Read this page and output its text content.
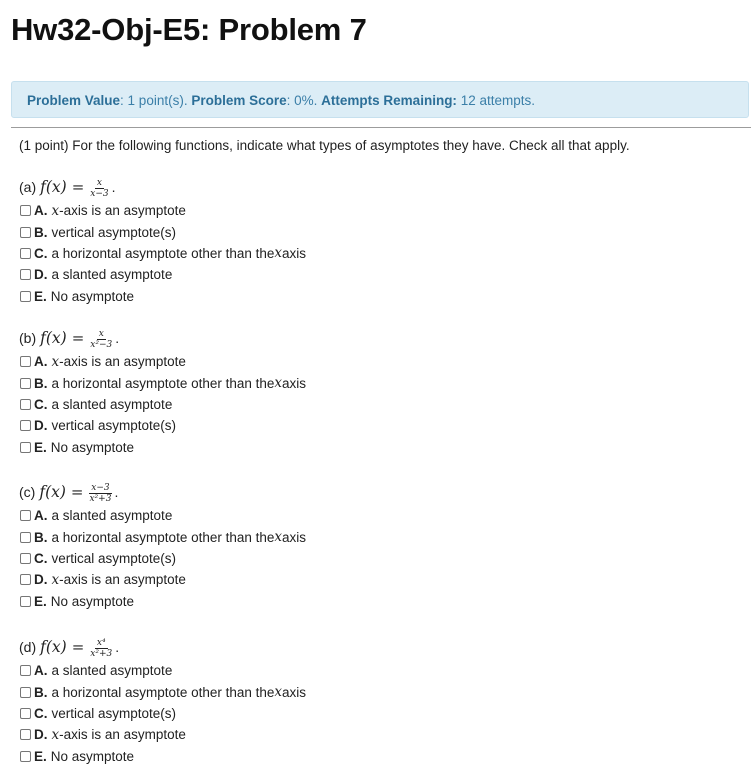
Hw32-Obj-E5: Problem 7
Problem Value: 1 point(s). Problem Score: 0%. Attempts Remaining: 12 attempts.
(1 point) For the following functions, indicate what types of asymptotes they have. Check all that apply.
(a) $f(x) = \frac{x}{x-3}$ .
A. x -axis is an asymptote
B. vertical asymptote(s)
C. a horizontal asymptote other than the x axis
D. a slanted asymptote
E. No asymptote
(b) $f(x) = \frac{x}{\text{x²−3}}$ .
A. x -axis is an asymptote
B. a horizontal asymptote other than the x axis
C. a slanted asymptote
D. vertical asymptote(s)
E. No asymptote
(c) $f(x) = \frac{x-3}{\text{x²+3}}$ .
A. a slanted asymptote
B. a horizontal asymptote other than the x axis
C. vertical asymptote(s)
D. x -axis is an asymptote
E. No asymptote
(d) $f(x) = \frac{\text{x⁴}}{\text{x²+3}}$ .
A. a slanted asymptote
B. a horizontal asymptote other than the x axis
C. vertical asymptote(s)
D. x -axis is an asymptote
E. No asymptote
